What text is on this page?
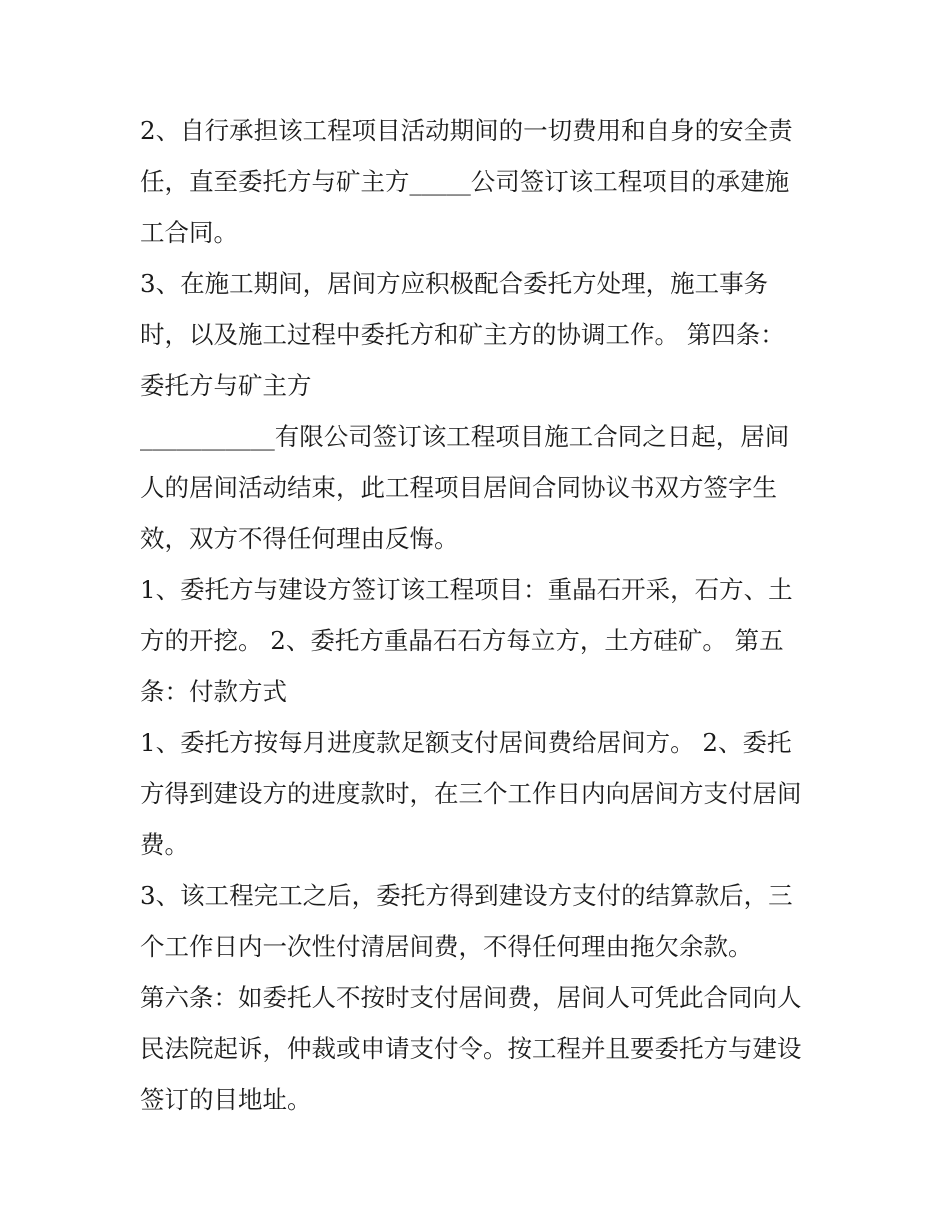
2、自行承担该工程项目活动期间的一切费用和自身的安全责
任，直至委托方与矿主方_____公司签订该工程项目的承建施
工合同。
3、在施工期间，居间方应积极配合委托方处理，施工事务
时，以及施工过程中委托方和矿主方的协调工作。 第四条：
委托方与矿主方
___________有限公司签订该工程项目施工合同之日起，居间
人的居间活动结束，此工程项目居间合同协议书双方签字生
效，双方不得任何理由反悔。
1、委托方与建设方签订该工程项目：重晶石开采，石方、土
方的开挖。 2、委托方重晶石石方每立方，土方硅矿。 第五
条：付款方式
1、委托方按每月进度款足额支付居间费给居间方。 2、委托
方得到建设方的进度款时，在三个工作日内向居间方支付居间
费。
3、该工程完工之后，委托方得到建设方支付的结算款后，三
个工作日内一次性付清居间费，不得任何理由拖欠余款。
第六条：如委托人不按时支付居间费，居间人可凭此合同向人
民法院起诉，仲裁或申请支付令。按工程并且要委托方与建设
签订的目地址。
